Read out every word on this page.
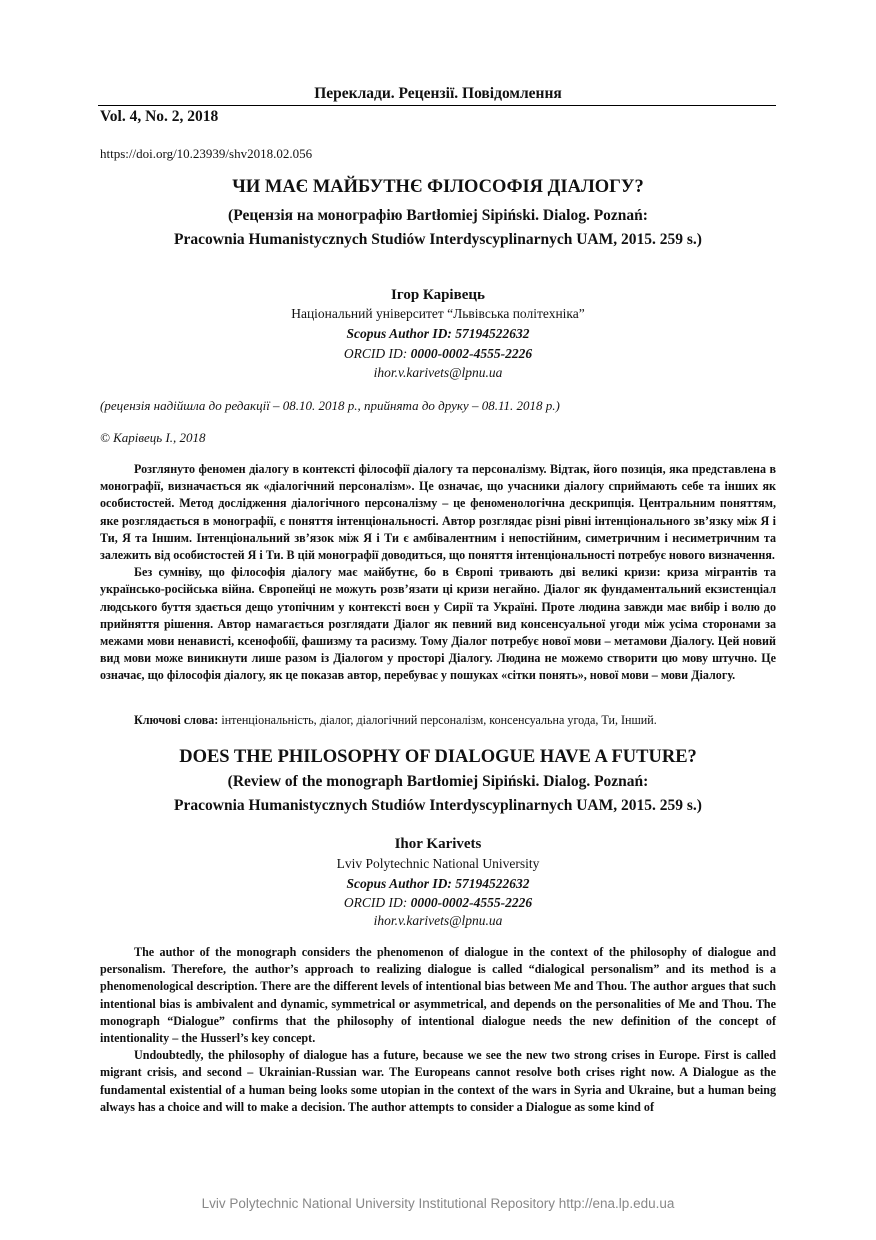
Переклади. Рецензії. Повідомлення
Vol. 4, No. 2, 2018
https://doi.org/10.23939/shv2018.02.056
ЧИ МАЄ МАЙБУТНЄ ФІЛОСОФІЯ ДІАЛОГУ?
(Рецензія на монографію Bartłomiej Sipiński. Dialog. Poznań:
Pracownia Humanistycznych Studiów Interdyscyplinarnych UAM, 2015. 259 s.)
Ігор Карівець
Національний університет “Львівська політехніка”
Scopus Author ID: 57194522632
ORCID ID: 0000-0002-4555-2226
ihor.v.karivets@lpnu.ua
(рецензія надійшла до редакції – 08.10. 2018 р., прийнята до друку – 08.11. 2018 р.)
© Карівець І., 2018

Розглянуто феномен діалогу в контексті філософії діалогу та персоналізму. Відтак, його позиція, яка представлена в монографії, визначається як «діалогічний персоналізм». Це означає, що учасники діалогу сприймають себе та інших як особистостей. Метод дослідження діалогічного персоналізму – це феноменологічна дескрипція. Центральним поняттям, яке розглядається в монографії, є поняття інтенціональності. Автор розглядає різні рівні інтенціонального зв’язку між Я і Ти, Я та Іншим. Інтенціональний зв’язок між Я і Ти є амбівалентним і непостійним, симетричним і несиметричним та залежить від особистостей Я і Ти. В цій монографії доводиться, що поняття інтенціональності потребує нового визначення.

Без сумніву, що філософія діалогу має майбутнє, бо в Європі тривають дві великі кризи: криза мігрантів та українсько-російська війна. Європейці не можуть розв’язати ці кризи негайно. Діалог як фундаментальний екзистенціал людського буття здається дещо утопічним у контексті воєн у Сирії та Україні. Проте людина завжди має вибір і волю до прийняття рішення. Автор намагається розглядати Діалог як певний вид консенсуальної угоди між усіма сторонами за межами мови ненависті, ксенофобії, фашизму та расизму. Тому Діалог потребує нової мови – метамови Діалогу. Цей новий вид мови може виникнути лише разом із Діалогом у просторі Діалогу. Людина не можемо створити цю мову штучно. Це означає, що філософія діалогу, як це показав автор, перебуває у пошуках «сітки понять», нової мови – мови Діалогу.

Ключові слова: інтенціональність, діалог, діалогічний персоналізм, консенсуальна угода, Ти, Інший.
DOES THE PHILOSOPHY OF DIALOGUE HAVE A FUTURE?
(Review of the monograph Bartłomiej Sipiński. Dialog. Poznań:
Pracownia Humanistycznych Studiów Interdyscyplinarnych UAM, 2015. 259 s.)
Ihor Karivets
Lviv Polytechnic National University
Scopus Author ID: 57194522632
ORCID ID: 0000-0002-4555-2226
ihor.v.karivets@lpnu.ua

The author of the monograph considers the phenomenon of dialogue in the context of the philosophy of dialogue and personalism. Therefore, the author’s approach to realizing dialogue is called “dialogical personalism” and its method is a phenomenological description. There are the different levels of intentional bias between Me and Thou. The author argues that such intentional bias is ambivalent and dynamic, symmetrical or asymmetrical, and depends on the personalities of Me and Thou. The monograph “Dialogue” confirms that the philosophy of intentional dialogue needs the new definition of the concept of intentionality – the Husserl’s key concept.

Undoubtedly, the philosophy of dialogue has a future, because we see the new two strong crises in Europe. First is called migrant crisis, and second – Ukrainian-Russian war. The Europeans cannot resolve both crises right now. A Dialogue as the fundamental existential of a human being looks some utopian in the context of the wars in Syria and Ukraine, but a human being always has a choice and will to make a decision. The author attempts to consider a Dialogue as some kind of

Lviv Polytechnic National University Institutional Repository http://ena.lp.edu.ua
